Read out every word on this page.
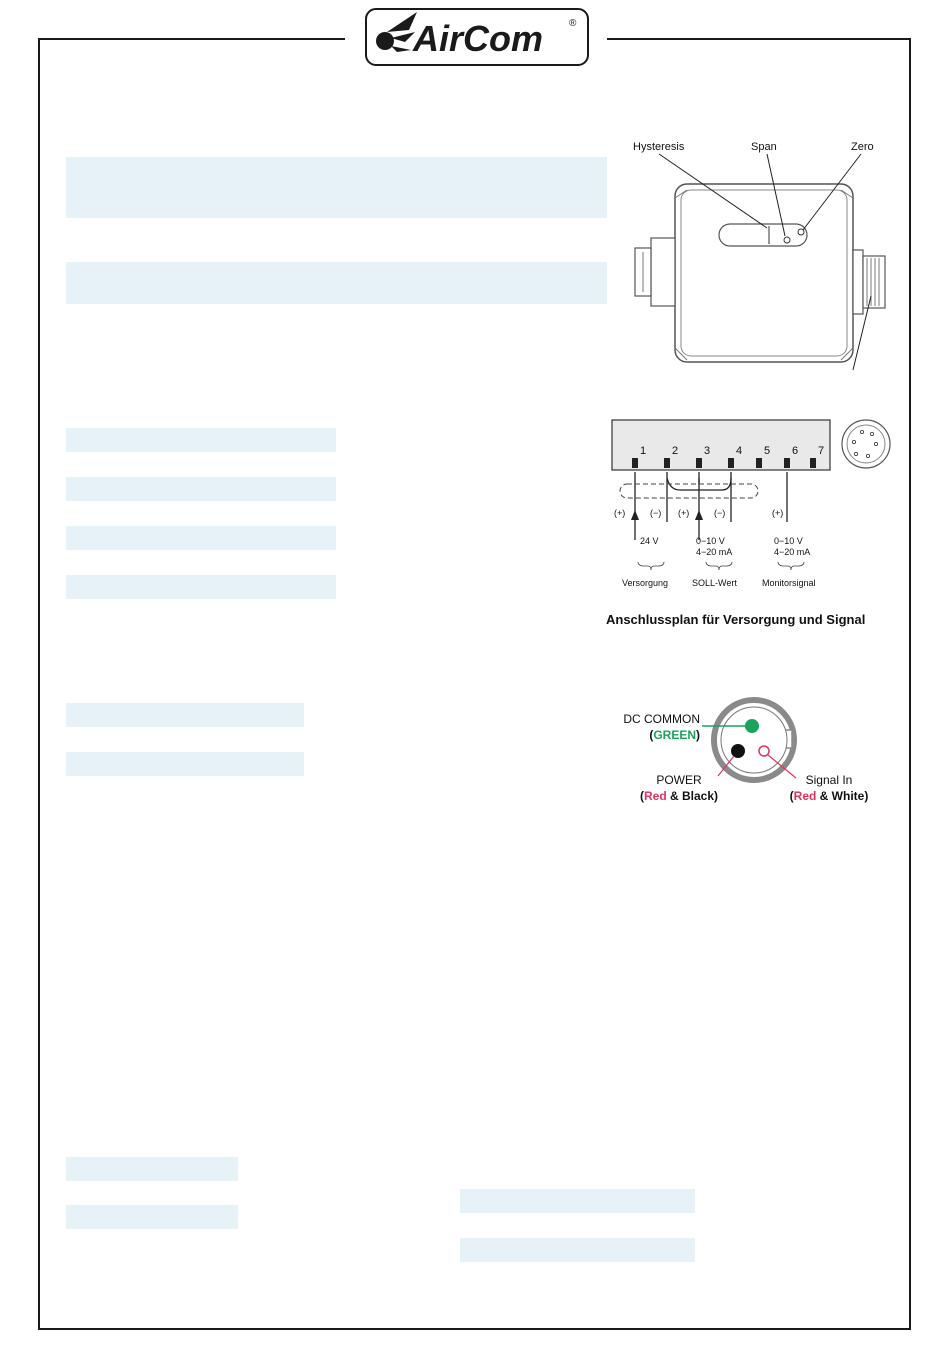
AirCom	®
Hysteresis	Span	Zero
1 2 3 4 5 6 7
(+)	(−) (+)	(−)	(+)
24 V	0−10 V
4−20 mA
0−10 V
4−20 mA
Versorgung	SOLL-Wert	Monitorsignal
Anschlussplan für Versorgung und Signal
DC COMMON
(GREEN)
POWER
(Red & Black)
Signal In
(Red & White)
